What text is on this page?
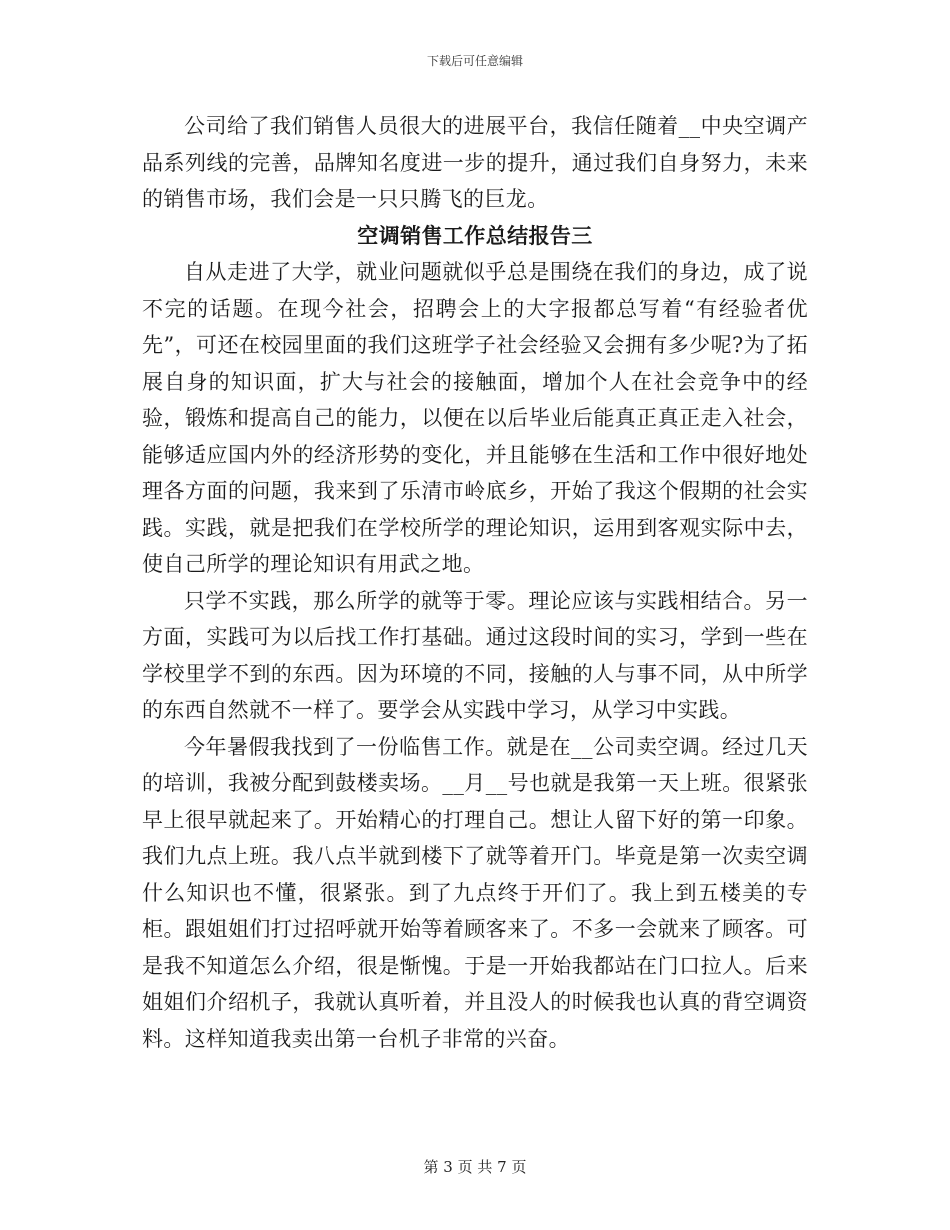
下载后可任意编辑

公司给了我们销售人员很大的进展平台，我信任随着__中央空调产品系列线的完善，品牌知名度进一步的提升，通过我们自身努力，未来的销售市场，我们会是一只只腾飞的巨龙。

空调销售工作总结报告三

自从走进了大学，就业问题就似乎总是围绕在我们的身边，成了说不完的话题。在现今社会，招聘会上的大字报都总写着“有经验者优先”，可还在校园里面的我们这班学子社会经验又会拥有多少呢?为了拓展自身的知识面，扩大与社会的接触面，增加个人在社会竞争中的经验，锻炼和提高自己的能力，以便在以后毕业后能真正真正走入社会，能够适应国内外的经济形势的变化，并且能够在生活和工作中很好地处理各方面的问题，我来到了乐清市岭底乡，开始了我这个假期的社会实践。实践，就是把我们在学校所学的理论知识，运用到客观实际中去，使自己所学的理论知识有用武之地。

只学不实践，那么所学的就等于零。理论应该与实践相结合。另一方面，实践可为以后找工作打基础。通过这段时间的实习，学到一些在学校里学不到的东西。因为环境的不同，接触的人与事不同，从中所学的东西自然就不一样了。要学会从实践中学习，从学习中实践。

今年暑假我找到了一份临售工作。就是在__公司卖空调。经过几天的培训，我被分配到鼓楼卖场。__月__号也就是我第一天上班。很紧张早上很早就起来了。开始精心的打理自己。想让人留下好的第一印象。我们九点上班。我八点半就到楼下了就等着开门。毕竟是第一次卖空调什么知识也不懂，很紧张。到了九点终于开们了。我上到五楼美的专柜。跟姐姐们打过招呼就开始等着顾客来了。不多一会就来了顾客。可是我不知道怎么介绍，很是惭愧。于是一开始我都站在门口拉人。后来姐姐们介绍机子，我就认真听着，并且没人的时候我也认真的背空调资料。这样知道我卖出第一台机子非常的兴奋。

第 3 页 共 7 页
